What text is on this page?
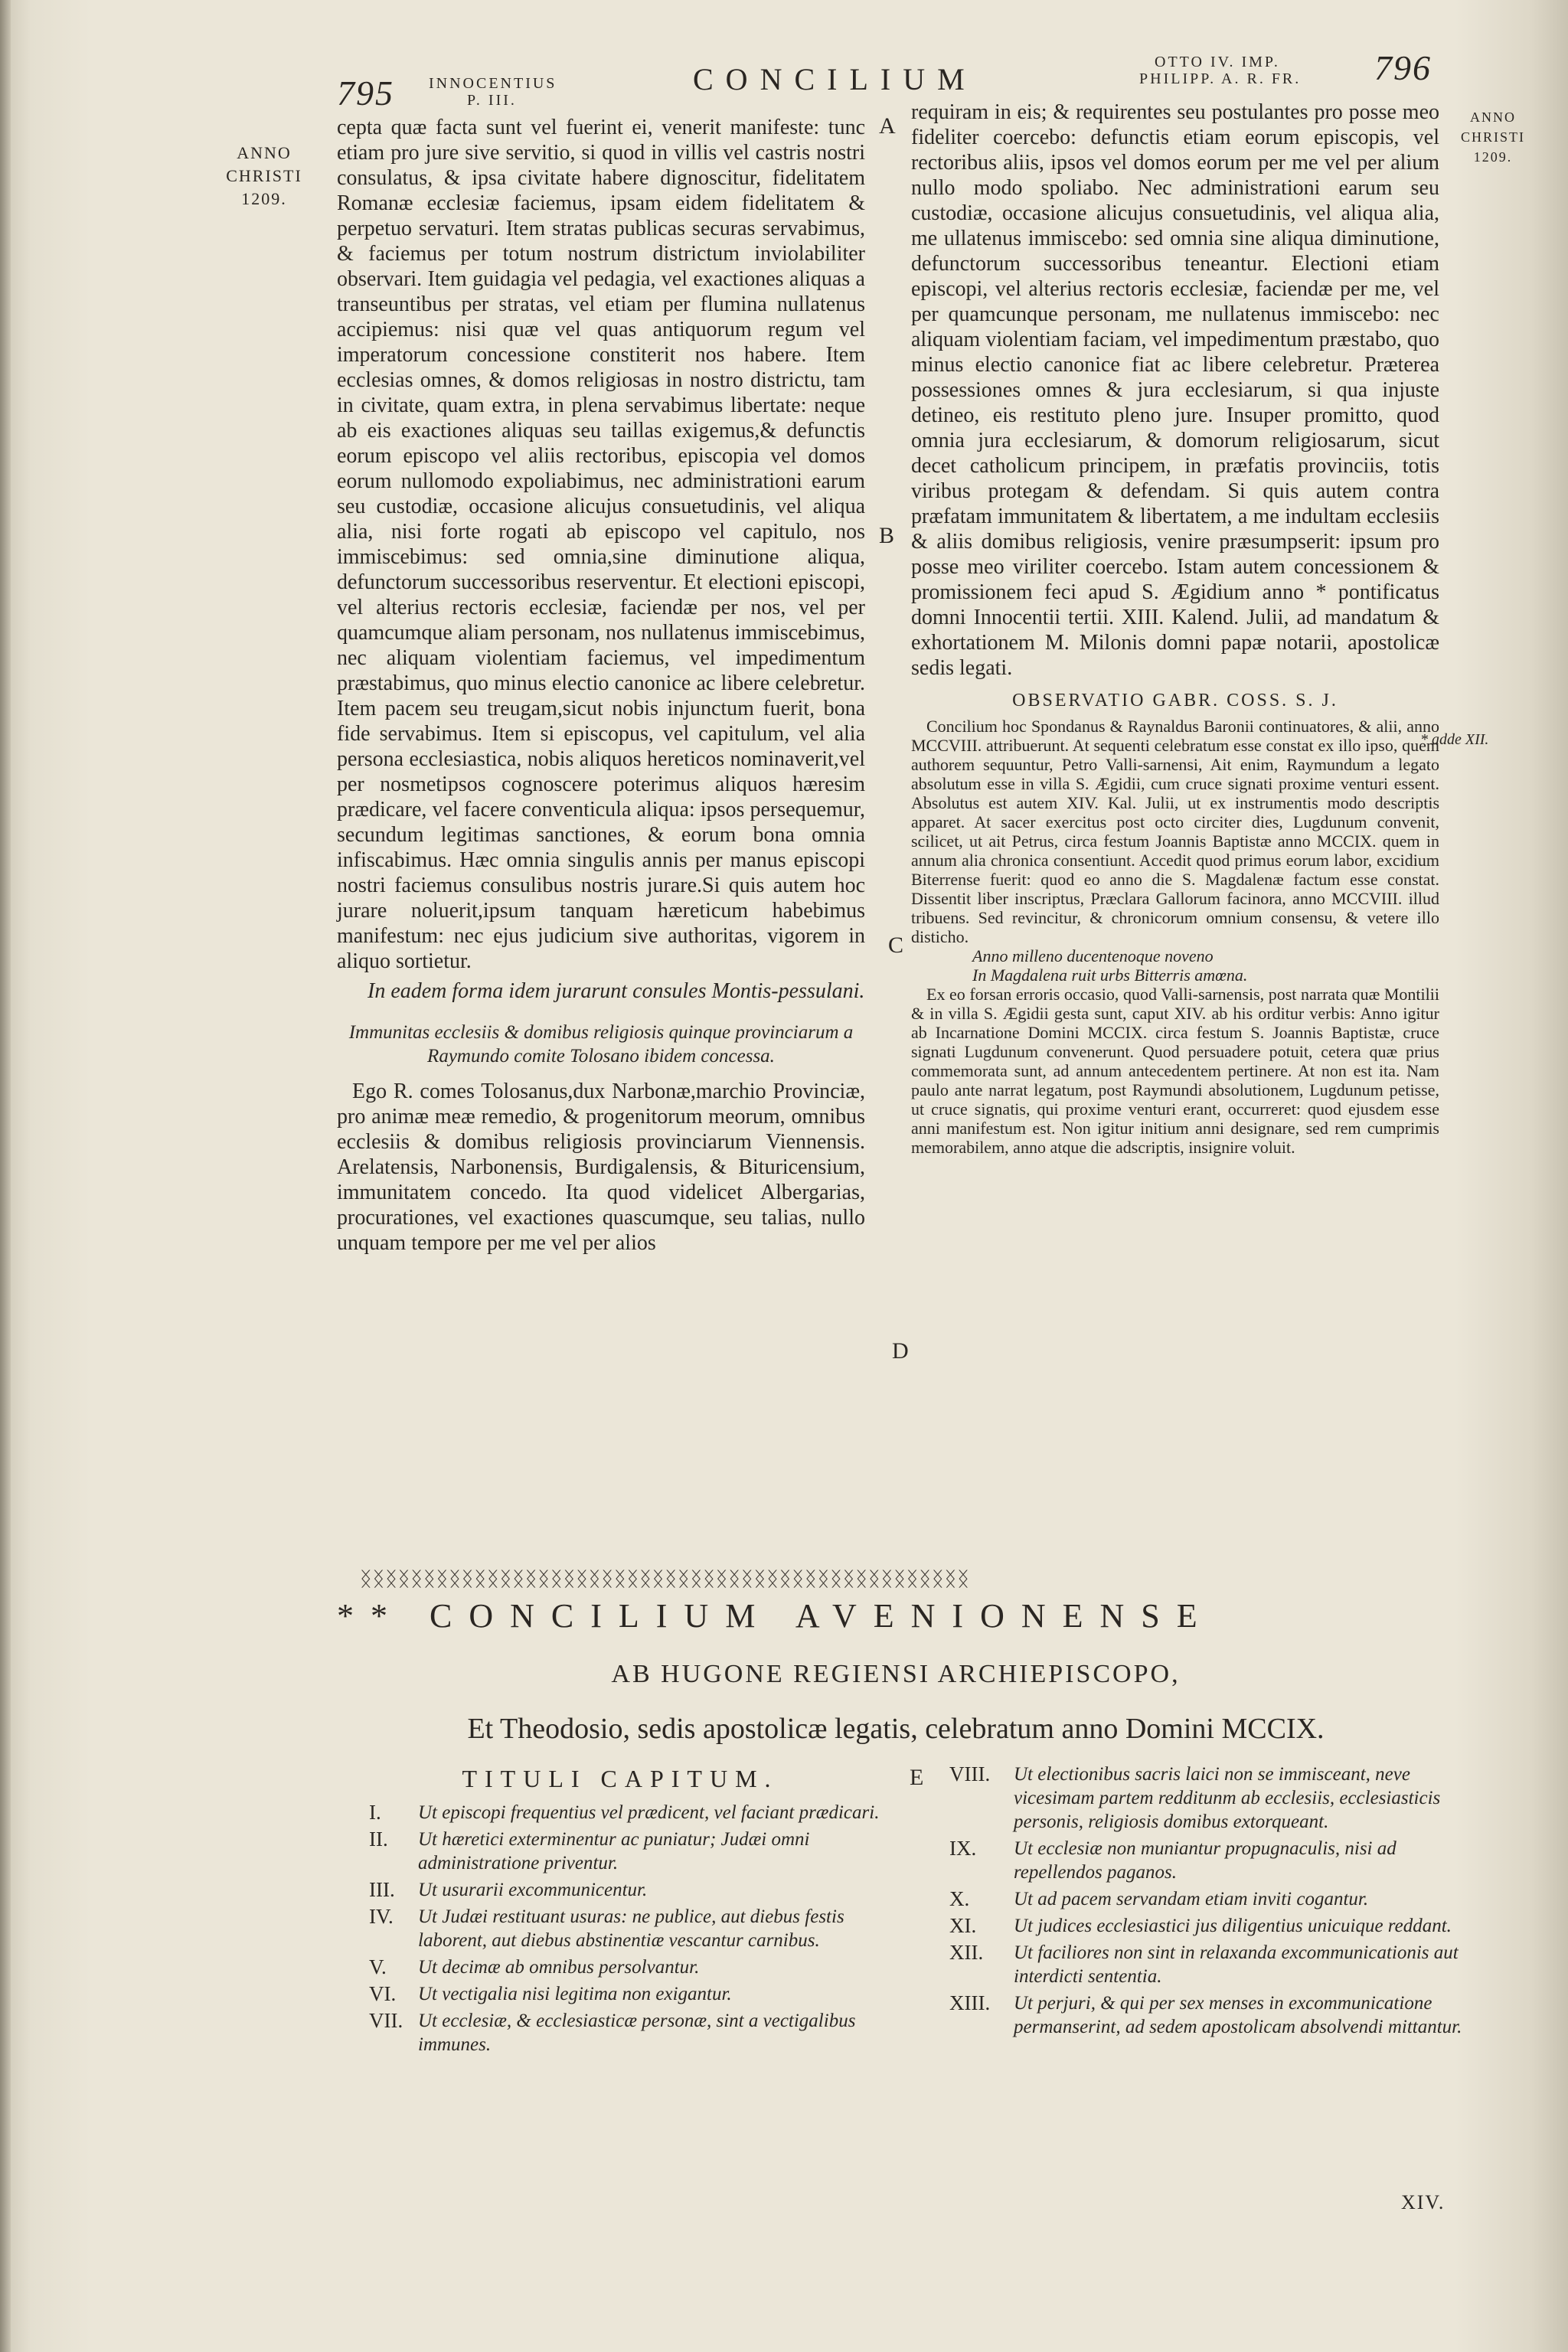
795 INNOCENTIUS
P. III.
CONCILIUM	OTTO IV. IMP.
PHILIPP. A. R. FR. 796
ANNO
CHRISTI
1209.
ANNO
CHRISTI
1209.
* adde XII.
A
B
C
D
E

cepta quæ facta sunt vel fuerint ei, venerit manifeste: tunc etiam pro jure sive servitio, si quod in villis vel castris nostri consulatus, & ipsa civitate habere dignoscitur, fidelitatem Romanæ ecclesiæ faciemus, ipsam eidem fidelitatem & perpetuo servaturi. Item stratas publicas securas servabimus, & faciemus per totum nostrum districtum inviolabiliter observari. Item guidagia vel pedagia, vel exactiones aliquas a transeuntibus per stratas, vel etiam per flumina nullatenus accipiemus: nisi quæ vel quas antiquorum regum vel imperatorum concessione constiterit nos habere. Item ecclesias omnes, & domos religiosas in nostro districtu, tam in civitate, quam extra, in plena servabimus libertate: neque ab eis exactiones aliquas seu taillas exigemus,& defunctis eorum episcopo vel aliis rectoribus, episcopia vel domos eorum nullomodo expoliabimus, nec administrationi earum seu custodiæ, occasione alicujus consuetudinis, vel aliqua alia, nisi forte rogati ab episcopo vel capitulo, nos immiscebimus: sed omnia,sine diminutione aliqua, defunctorum successoribus reserventur. Et electioni episcopi, vel alterius rectoris ecclesiæ, faciendæ per nos, vel per quamcumque aliam personam, nos nullatenus immiscebimus, nec aliquam violentiam faciemus, vel impedimentum præstabimus, quo minus electio canonice ac libere celebretur. Item pacem seu treugam,sicut nobis injunctum fuerit, bona fide servabimus. Item si episcopus, vel capitulum, vel alia persona ecclesiastica, nobis aliquos hereticos nominaverit,vel per nosmetipsos cognoscere poterimus aliquos hæresim prædicare, vel facere conventicula aliqua: ipsos persequemur, secundum legitimas sanctiones, & eorum bona omnia infiscabimus. Hæc omnia singulis annis per manus episcopi nostri faciemus consulibus nostris jurare.Si quis autem hoc jurare noluerit,ipsum tanquam hæreticum habebimus manifestum: nec ejus judicium sive authoritas, vigorem in aliquo sortietur.

In eadem forma idem jurarunt consules Montis-pessulani.

Immunitas ecclesiis & domibus religiosis quinque provinciarum a Raymundo comite Tolosano ibidem concessa.

Ego R. comes Tolosanus,dux Narbonæ,marchio Provinciæ, pro animæ meæ remedio, & progenitorum meorum, omnibus ecclesiis & domibus religiosis provinciarum Viennensis. Arelatensis, Narbonensis, Burdigalensis, & Bituricensium, immunitatem concedo. Ita quod videlicet Albergarias, procurationes, vel exactiones quascumque, seu talias, nullo unquam tempore per me vel per alios

requiram in eis; & requirentes seu postulantes pro posse meo fideliter coercebo: defunctis etiam eorum episcopis, vel rectoribus aliis, ipsos vel domos eorum per me vel per alium nullo modo spoliabo. Nec administrationi earum seu custodiæ, occasione alicujus consuetudinis, vel aliqua alia, me ullatenus immiscebo: sed omnia sine aliqua diminutione, defunctorum successoribus teneantur. Electioni etiam episcopi, vel alterius rectoris ecclesiæ, faciendæ per me, vel per quamcunque personam, me nullatenus immiscebo: nec aliquam violentiam faciam, vel impedimentum præstabo, quo minus electio canonice fiat ac libere celebretur. Præterea possessiones omnes & jura ecclesiarum, si qua injuste detineo, eis restituto pleno jure. Insuper promitto, quod omnia jura ecclesiarum, & domorum religiosarum, sicut decet catholicum principem, in præfatis provinciis, totis viribus protegam & defendam. Si quis autem contra præfatam immunitatem & libertatem, a me indultam ecclesiis & aliis domibus religiosis, venire præsumpserit: ipsum pro posse meo viriliter coercebo. Istam autem concessionem & promissionem feci apud S. Ægidium anno * pontificatus domni Innocentii tertii. XIII. Kalend. Julii, ad mandatum & exhortationem M. Milonis domni papæ notarii, apostolicæ sedis legati.

OBSERVATIO GABR. COSS. S. J.

Concilium hoc Spondanus & Raynaldus Baronii continuatores, & alii, anno MCCVIII. attribuerunt. At sequenti celebratum esse constat ex illo ipso, quem authorem sequuntur, Petro Valli-sarnensi, Ait enim, Raymundum a legato absolutum esse in villa S. Ægidii, cum cruce signati proxime venturi essent. Absolutus est autem XIV. Kal. Julii, ut ex instrumentis modo descriptis apparet. At sacer exercitus post octo circiter dies, Lugdunum convenit, scilicet, ut ait Petrus, circa festum Joannis Baptistæ anno MCCIX. quem in annum alia chronica consentiunt. Accedit quod primus eorum labor, excidium Biterrense fuerit: quod eo anno die S. Magdalenæ factum esse constat. Dissentit liber inscriptus, Præclara Gallorum facinora, anno MCCVIII. illud tribuens. Sed revincitur, & chronicorum omnium consensu, & vetere illo disticho.

Anno milleno ducentenoque noveno

In Magdalena ruit urbs Bitterris amœna.

Ex eo forsan erroris occasio, quod Valli-sarnensis, post narrata quæ Montilii & in villa S. Ægidii gesta sunt, caput XIV. ab his orditur verbis: Anno igitur ab Incarnatione Domini MCCIX. circa festum S. Joannis Baptistæ, cruce signati Lugdunum convenerunt. Quod persuadere potuit, cetera quæ prius commemorata sunt, ad annum antecedentem pertinere. At non est ita. Nam paulo ante narrat legatum, post Raymundi absolutionem, Lugdunum petisse, ut cruce signatis, qui proxime venturi erant, occurreret: quod ejusdem esse anni manifestum est. Non igitur initium anni designare, sed rem cumprimis memorabilem, anno atque die adscriptis, insignire voluit.

ᛝᛝᛝᛝᛝᛝᛝᛝᛝᛝᛝᛝᛝᛝᛝᛝᛝᛝᛝᛝᛝᛝᛝᛝᛝᛝᛝᛝᛝᛝᛝᛝᛝᛝᛝᛝᛝᛝᛝᛝᛝᛝᛝᛝᛝᛝᛝᛝ
** CONCILIUM AVENIONENSE
AB HUGONE REGIENSI ARCHIEPISCOPO,
Et Theodosio, sedis apostolicæ legatis, celebratum anno Domini MCCIX.
TITULI CAPITUM.
I. Ut episcopi frequentius vel prædicent, vel faciant prædicari.
II. Ut hæretici exterminentur ac puniatur; Judæi omni administratione priventur.
III. Ut usurarii excommunicentur.
IV. Ut Judæi restituant usuras: ne publice, aut diebus festis laborent, aut diebus abstinentiæ vescantur carnibus.
V. Ut decimæ ab omnibus persolvantur.
VI. Ut vectigalia nisi legitima non exigantur.
VII. Ut ecclesiæ, & ecclesiasticæ personæ, sint a vectigalibus immunes.
VIII. Ut electionibus sacris laici non se immisceant, neve vicesimam partem redditunm ab ecclesiis, ecclesiasticis personis, religiosis domibus extorqueant.
IX. Ut ecclesiæ non muniantur propugnaculis, nisi ad repellendos paganos.
X. Ut ad pacem servandam etiam inviti cogantur.
XI. Ut judices ecclesiastici jus diligentius unicuique reddant.
XII. Ut faciliores non sint in relaxanda excommunicationis aut interdicti sententia.
XIII. Ut perjuri, & qui per sex menses in excommunicatione permanserint, ad sedem apostolicam absolvendi mittantur.
XIV.
